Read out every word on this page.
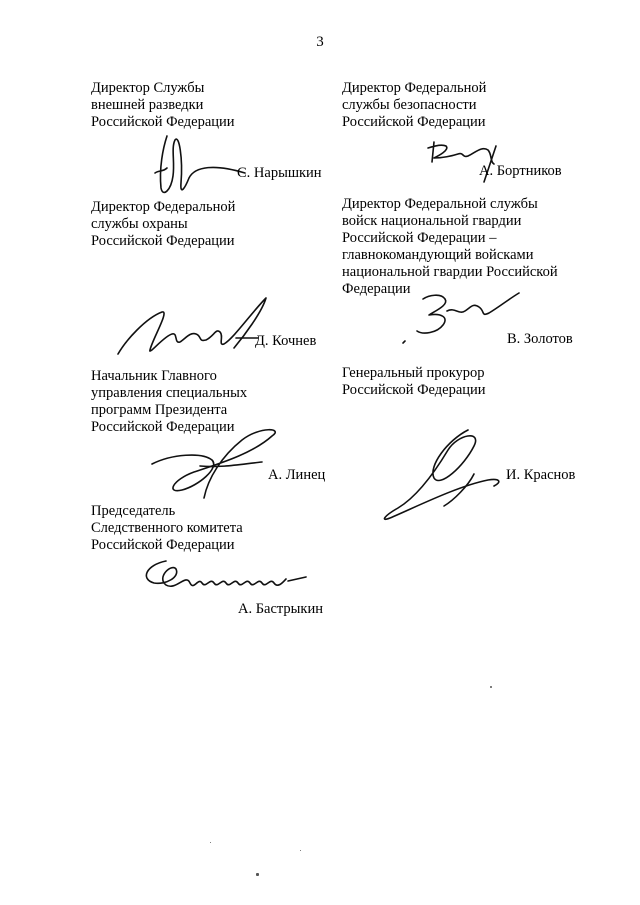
3
Директор Службы
внешней разведки
Российской Федерации
С. Нарышкин
Директор Федеральной
службы охраны
Российской Федерации
Д. Кочнев
Начальник Главного
управления специальных
программ Президента
Российской Федерации
А. Линец
Председатель
Следственного комитета
Российской Федерации
А. Бастрыкин
Директор Федеральной
службы безопасности
Российской Федерации
А. Бортников
Директор Федеральной службы
войск национальной гвардии
Российской Федерации –
главнокомандующий войсками
национальной гвардии Российской
Федерации
В. Золотов
Генеральный прокурор
Российской Федерации
И. Краснов
